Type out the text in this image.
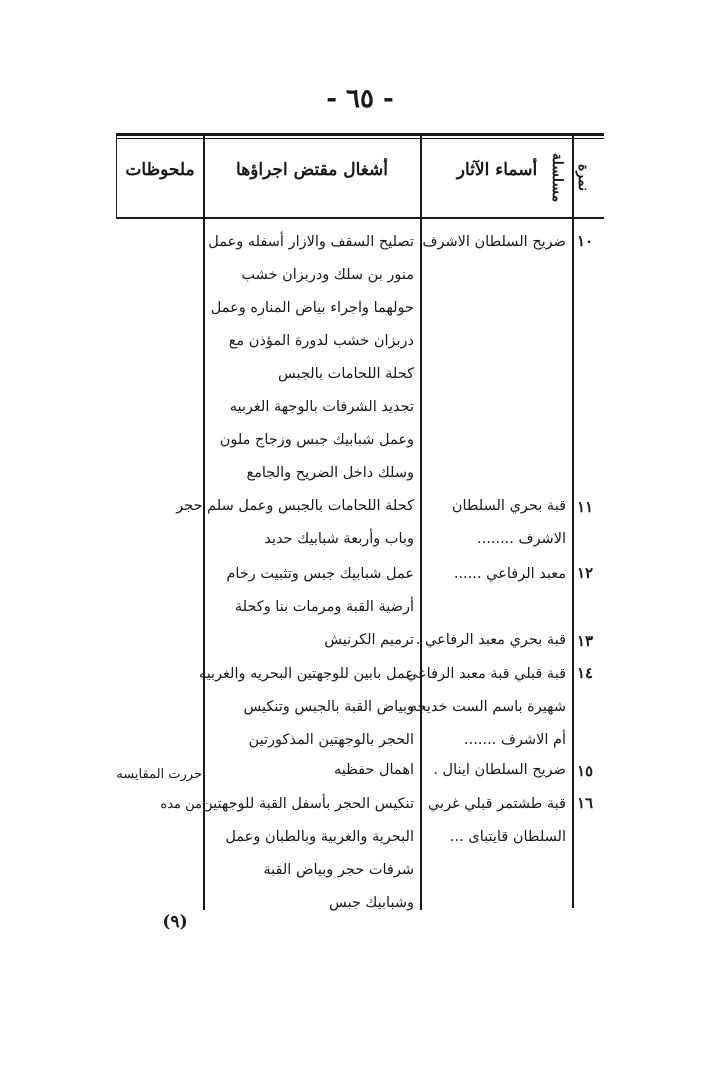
- ٦٥ -
نمرة مسلسلة
أسماء الآثار
أشغال مقتض اجراؤها
ملحوظات
١٠
ضريح السلطان الاشرف
تصليح السقف والازار أسفله وعمل
منور بن سلك ودربزان خشب
حولهما واجراء بياض المناره وعمل
دربزان خشب لدورة المؤذن مع
كحلة اللحامات بالجبس
تجديد الشرفات بالوجهة الغربيه
وعمل شبابيك جبس وزجاج ملون
وسلك داخل الضريح والجامع
١١
قبة بحري السلطان
الاشرف ........
كحلة اللحامات بالجبس وعمل سلم حجر
وباب وأربعة شبابيك حديد
١٢
معبد الرفاعي ......
عمل شبابيك جبس وتثبيت رخام
أرضية القبة ومرمات بنا وكحلة
١٣
قبة بحري معبد الرفاعي .
ترميم الكرنيش
١٤
قبة قبلي قبة معبد الرفاعي
شهيرة باسم الست خديجه
أم الاشرف .......
عمل بابين للوجهتين البحريه والغربيه
وبياض القبة بالجبس وتنكيس
الحجر بالوجهتين المذكورتين
١٥
ضريح السلطان اينال .
اهمال حفظيه
حررت المقايسه
١٦
قبة طشتمر قبلي غربي
السلطان قايتباى ...
تنكيس الحجر بأسفل القبة للوجهتين
البحرية والغربية وبالطبان وعمل
شرفات حجر وبياض القبة
وشبابيك جبس
من مده
(٩)
